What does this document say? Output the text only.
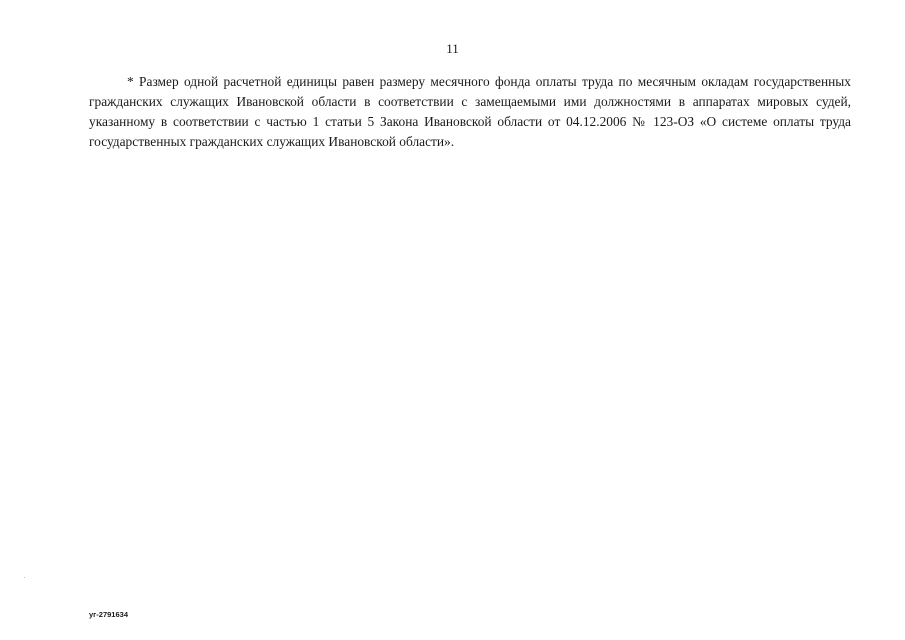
11

* Размер одной расчетной единицы равен размеру месячного фонда оплаты труда по месячным окладам государственных гражданских служащих Ивановской области в соответствии с замещаемыми ими должностями в аппаратах мировых судей, указанному в соответствии с частью 1 статьи 5 Закона Ивановской области от 04.12.2006 № 123-ОЗ «О системе оплаты труда государственных гражданских служащих Ивановской области».

уг-2791634
